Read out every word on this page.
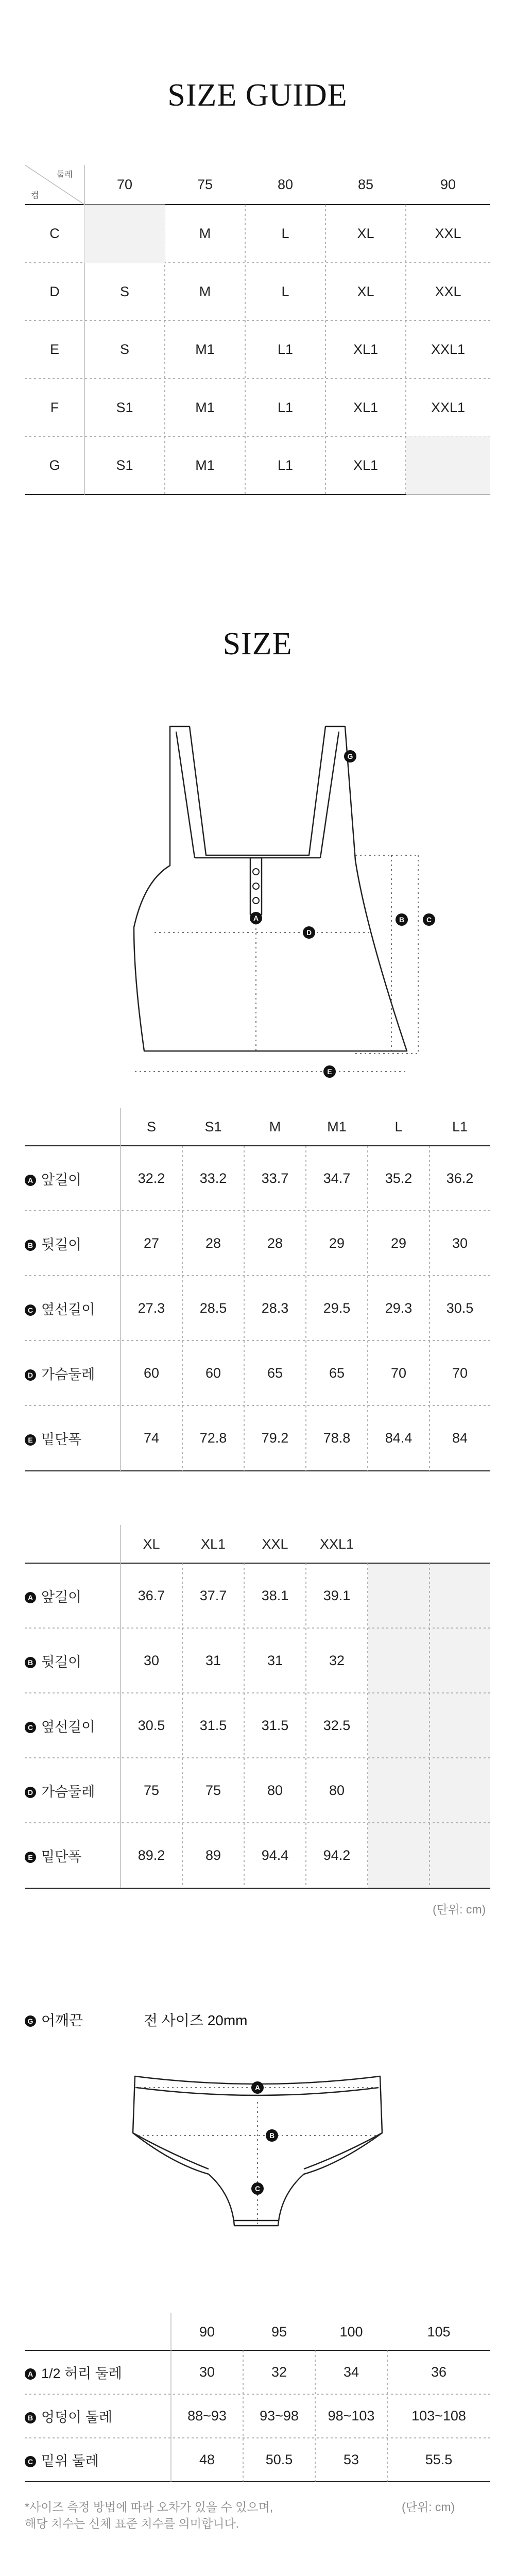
SIZE GUIDE
둘레
컵
	70	75	80	85	90
C		M	L	XL	XXL
D	S	M	L	XL	XXL
E	S	M1	L1	XL1	XXL1
F	S1	M1	L1	XL1	XXL1
G	S1	M1	L1	XL1	
SIZE
G
A
D
B	C
E
	S	S1	M	M1	L	L1
A 앞길이	32.2	33.2	33.7	34.7	35.2	36.2
B 뒷길이	27	28	28	29	29	30
C 옆선길이	27.3	28.5	28.3	29.5	29.3	30.5
D 가슴둘레	60	60	65	65	70	70
E 밑단폭	74	72.8	79.2	78.8	84.4	84
	XL	XL1	XXL	XXL1		
A 앞길이	36.7	37.7	38.1	39.1		
B 뒷길이	30	31	31	32		
C 옆선길이	30.5	31.5	31.5	32.5		
D 가슴둘레	75	75	80	80		
E 밑단폭	89.2	89	94.4	94.2		
(단위: cm)
G 어깨끈	전 사이즈 20mm
A
B
C
	90	95	100	105
A 1/2 허리 둘레	30	32	34	36
B 엉덩이 둘레	88~93	93~98	98~103	103~108
C 밑위 둘레	48	50.5	53	55.5
*사이즈 측정 방법에 따라 오차가 있을 수 있으며,
해당 치수는 신체 표준 치수를 의미합니다.
(단위: cm)
